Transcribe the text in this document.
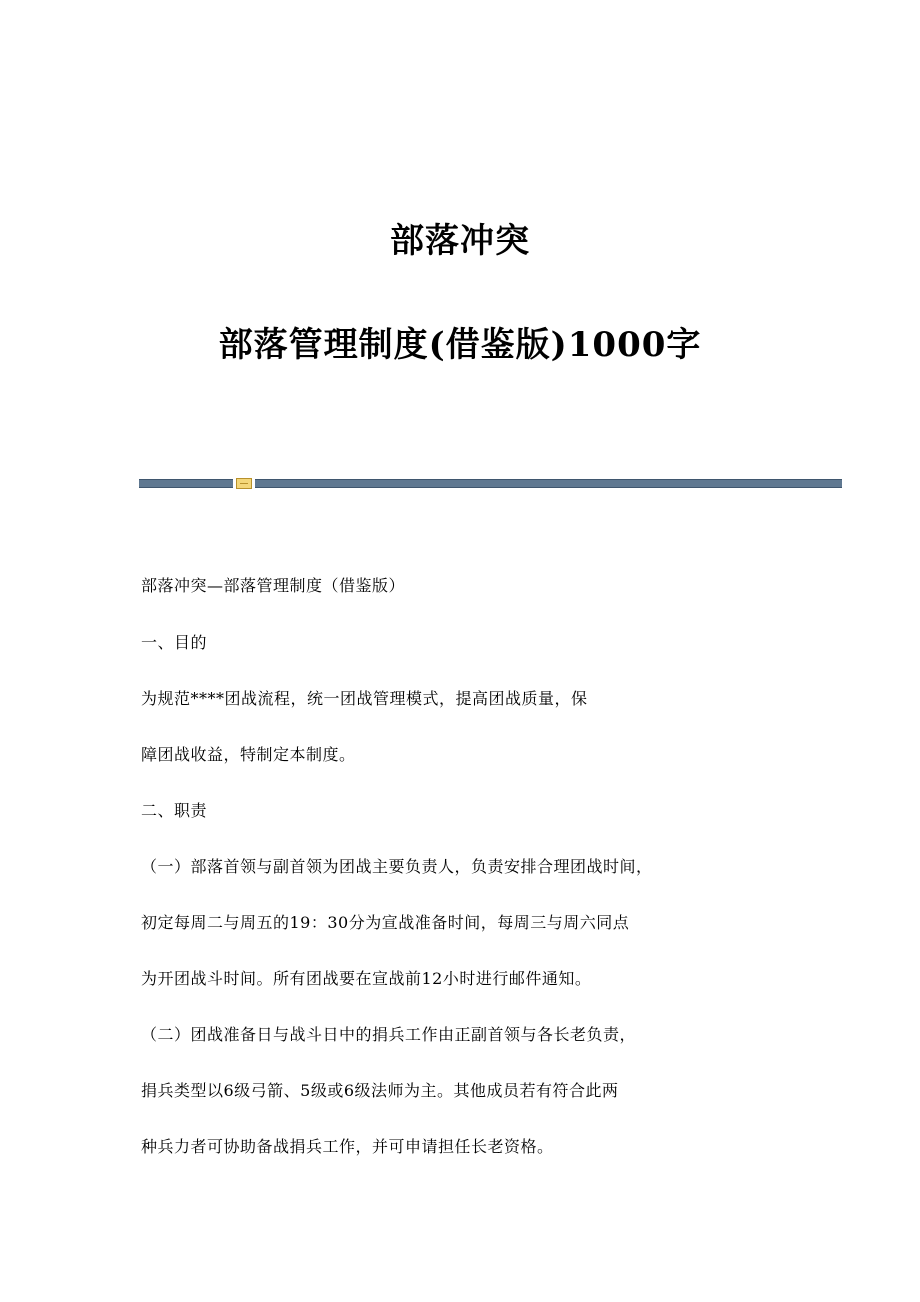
部落冲突
部落管理制度(借鉴版)1000字
部落冲突—部落管理制度（借鉴版）
一、目的
为规范****团战流程，统一团战管理模式，提高团战质量，保
障团战收益，特制定本制度。
二、职责
（一）部落首领与副首领为团战主要负责人，负责安排合理团战时间，
初定每周二与周五的19：30分为宣战准备时间，每周三与周六同点
为开团战斗时间。所有团战要在宣战前12小时进行邮件通知。
（二）团战准备日与战斗日中的捐兵工作由正副首领与各长老负责，
捐兵类型以6级弓箭、5级或6级法师为主。其他成员若有符合此两
种兵力者可协助备战捐兵工作，并可申请担任长老资格。
